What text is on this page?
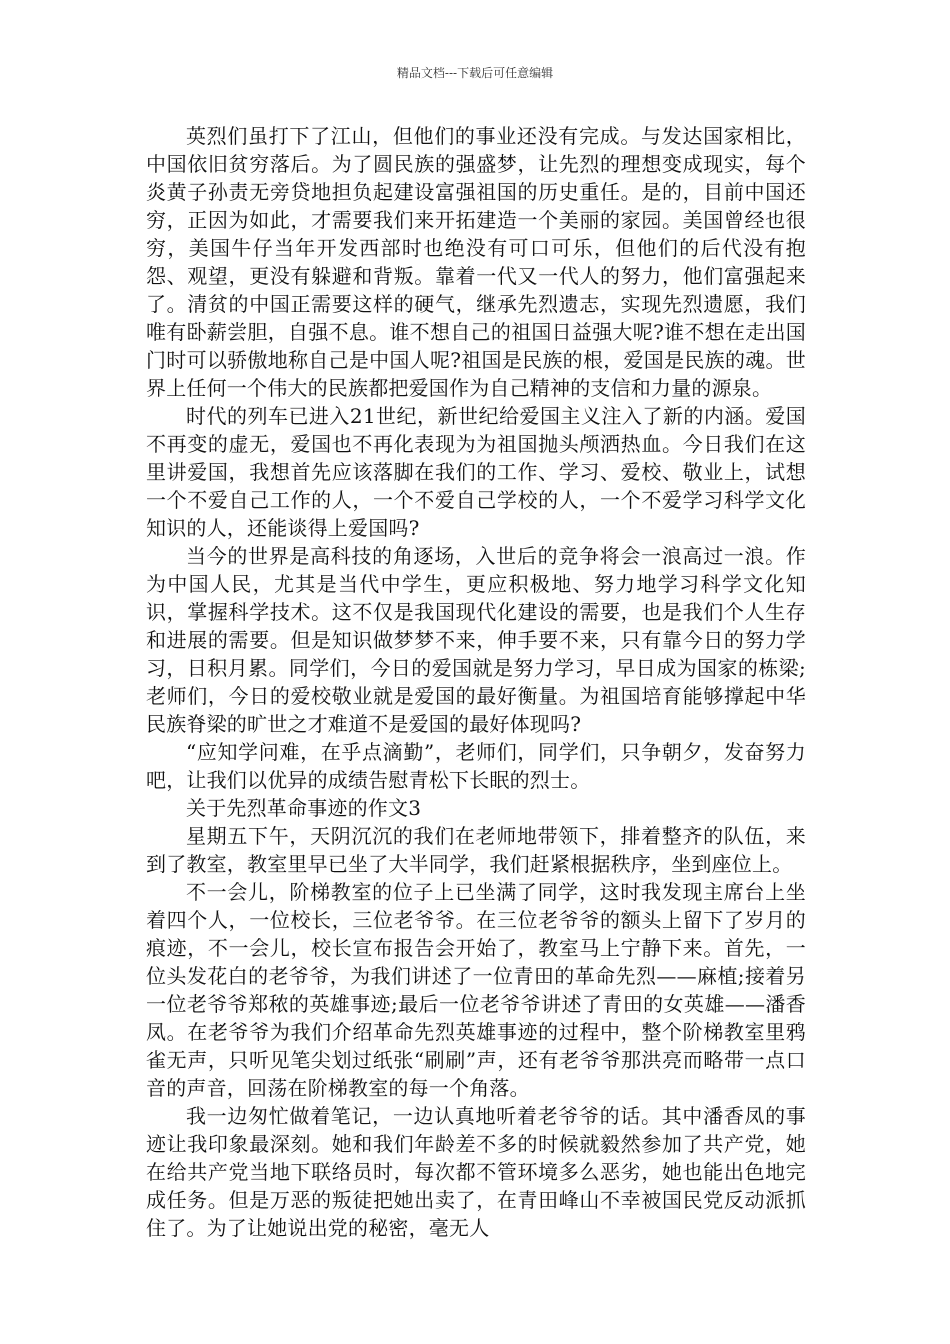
精品文档---下载后可任意编辑

英烈们虽打下了江山，但他们的事业还没有完成。与发达国家相比，中国依旧贫穷落后。为了圆民族的强盛梦，让先烈的理想变成现实，每个炎黄子孙责无旁贷地担负起建设富强祖国的历史重任。是的，目前中国还穷，正因为如此，才需要我们来开拓建造一个美丽的家园。美国曾经也很穷，美国牛仔当年开发西部时也绝没有可口可乐，但他们的后代没有抱怨、观望，更没有躲避和背叛。靠着一代又一代人的努力，他们富强起来了。清贫的中国正需要这样的硬气，继承先烈遗志，实现先烈遗愿，我们唯有卧薪尝胆，自强不息。谁不想自己的祖国日益强大呢?谁不想在走出国门时可以骄傲地称自己是中国人呢?祖国是民族的根，爱国是民族的魂。世界上任何一个伟大的民族都把爱国作为自己精神的支信和力量的源泉。

时代的列车已进入21世纪，新世纪给爱国主义注入了新的内涵。爱国不再变的虚无，爱国也不再化表现为为祖国抛头颅洒热血。今日我们在这里讲爱国，我想首先应该落脚在我们的工作、学习、爱校、敬业上，试想一个不爱自己工作的人，一个不爱自己学校的人，一个不爱学习科学文化知识的人，还能谈得上爱国吗?

当今的世界是高科技的角逐场，入世后的竞争将会一浪高过一浪。作为中国人民，尤其是当代中学生，更应积极地、努力地学习科学文化知识，掌握科学技术。这不仅是我国现代化建设的需要，也是我们个人生存和进展的需要。但是知识做梦梦不来，伸手要不来，只有靠今日的努力学习，日积月累。同学们，今日的爱国就是努力学习，早日成为国家的栋梁;老师们，今日的爱校敬业就是爱国的最好衡量。为祖国培育能够撑起中华民族脊梁的旷世之才难道不是爱国的最好体现吗?

“应知学问难，在乎点滴勤”，老师们，同学们，只争朝夕，发奋努力吧，让我们以优异的成绩告慰青松下长眠的烈士。

关于先烈革命事迹的作文3

星期五下午，天阴沉沉的我们在老师地带领下，排着整齐的队伍，来到了教室，教室里早已坐了大半同学，我们赶紧根据秩序，坐到座位上。

不一会儿，阶梯教室的位子上已坐满了同学，这时我发现主席台上坐着四个人，一位校长，三位老爷爷。在三位老爷爷的额头上留下了岁月的痕迹，不一会儿，校长宣布报告会开始了，教室马上宁静下来。首先，一位头发花白的老爷爷，为我们讲述了一位青田的革命先烈——麻植;接着另一位老爷爷郑秾的英雄事迹;最后一位老爷爷讲述了青田的女英雄——潘香凤。在老爷爷为我们介绍革命先烈英雄事迹的过程中，整个阶梯教室里鸦雀无声，只听见笔尖划过纸张“刷刷”声，还有老爷爷那洪亮而略带一点口音的声音，回荡在阶梯教室的每一个角落。

我一边匆忙做着笔记，一边认真地听着老爷爷的话。其中潘香凤的事迹让我印象最深刻。她和我们年龄差不多的时候就毅然参加了共产党，她在给共产党当地下联络员时，每次都不管环境多么恶劣，她也能出色地完成任务。但是万恶的叛徒把她出卖了，在青田峰山不幸被国民党反动派抓住了。为了让她说出党的秘密，毫无人
